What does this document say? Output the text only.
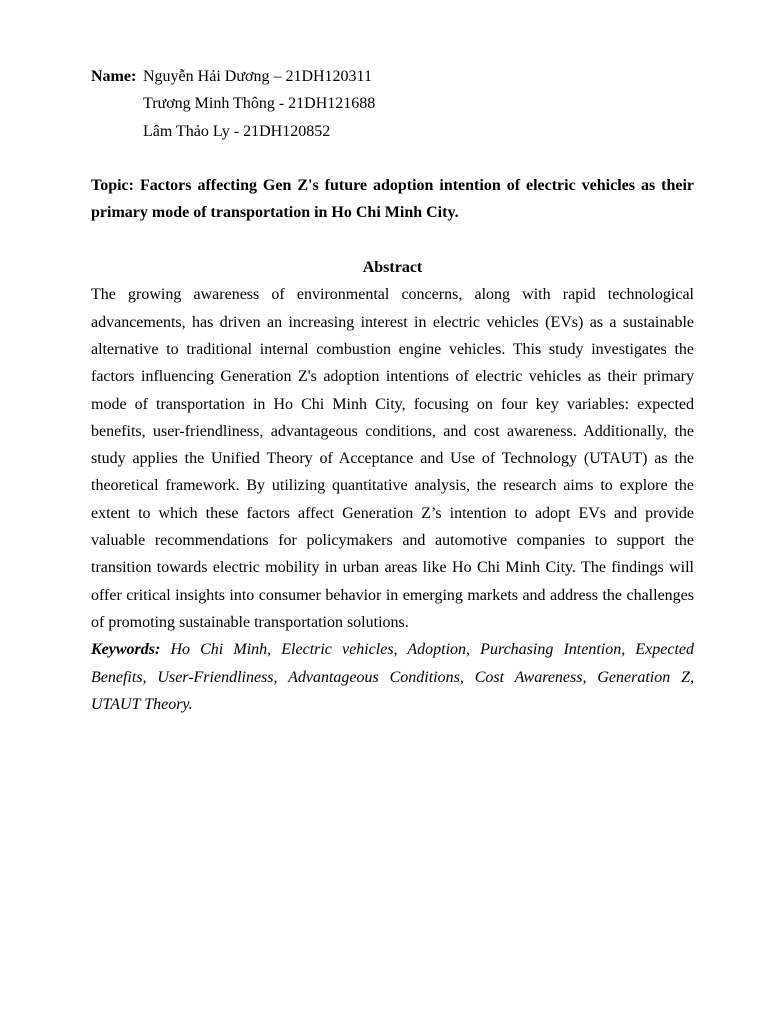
Name: Nguyễn Hải Dương – 21DH120311
Trương Minh Thông - 21DH121688
Lâm Thảo Ly - 21DH120852
Topic: Factors affecting Gen Z's future adoption intention of electric vehicles as their primary mode of transportation in Ho Chi Minh City.
Abstract

The growing awareness of environmental concerns, along with rapid technological advancements, has driven an increasing interest in electric vehicles (EVs) as a sustainable alternative to traditional internal combustion engine vehicles. This study investigates the factors influencing Generation Z's adoption intentions of electric vehicles as their primary mode of transportation in Ho Chi Minh City, focusing on four key variables: expected benefits, user-friendliness, advantageous conditions, and cost awareness. Additionally, the study applies the Unified Theory of Acceptance and Use of Technology (UTAUT) as the theoretical framework. By utilizing quantitative analysis, the research aims to explore the extent to which these factors affect Generation Z’s intention to adopt EVs and provide valuable recommendations for policymakers and automotive companies to support the transition towards electric mobility in urban areas like Ho Chi Minh City. The findings will offer critical insights into consumer behavior in emerging markets and address the challenges of promoting sustainable transportation solutions.

Keywords: Ho Chi Minh, Electric vehicles, Adoption, Purchasing Intention, Expected Benefits, User-Friendliness, Advantageous Conditions, Cost Awareness, Generation Z, UTAUT Theory.
